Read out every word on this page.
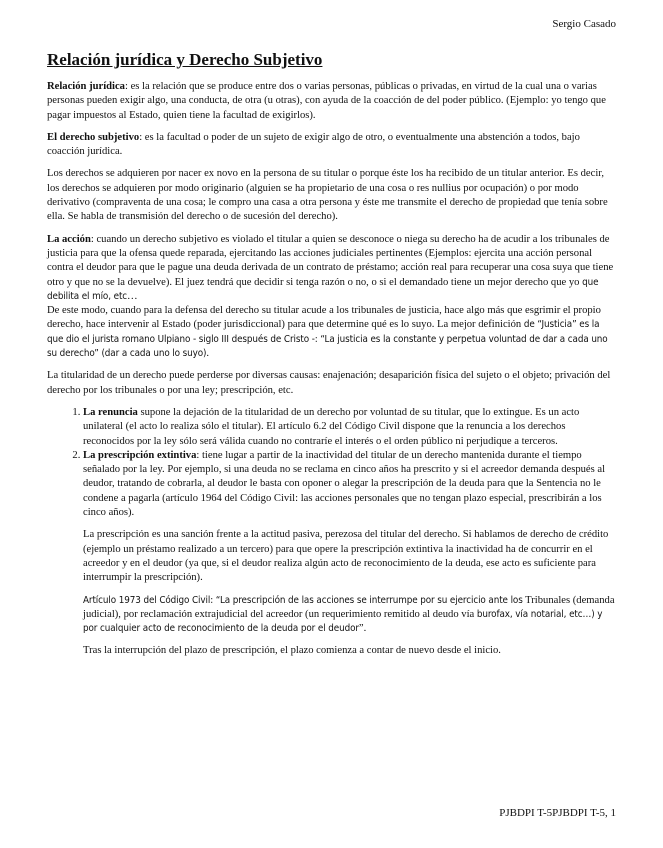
Sergio Casado
Relación jurídica y Derecho Subjetivo

Relación jurídica: es la relación que se produce entre dos o varias personas, públicas o privadas, en virtud de la cual una o varias personas pueden exigir algo, una conducta, de otra (u otras), con ayuda de la coacción de del poder público. (Ejemplo: yo tengo que pagar impuestos al Estado, quien tiene la facultad de exigirlos).

El derecho subjetivo: es la facultad o poder de un sujeto de exigir algo de otro, o eventualmente una abstención a todos, bajo coacción jurídica.

Los derechos se adquieren por nacer ex novo en la persona de su titular o porque éste los ha recibido de un titular anterior. Es decir, los derechos se adquieren por modo originario (alguien se ha propietario de una cosa o res nullius por ocupación) o por modo derivativo (compraventa de una cosa; le compro una casa a otra persona y éste me transmite el derecho de propiedad que tenía sobre ella. Se habla de transmisión del derecho o de sucesión del derecho).

La acción: cuando un derecho subjetivo es violado el titular a quien se desconoce o niega su derecho ha de acudir a los tribunales de justicia para que la ofensa quede reparada, ejercitando las acciones judiciales pertinentes (Ejemplos: ejercita una acción personal contra el deudor para que le pague una deuda derivada de un contrato de préstamo; acción real para recuperar una cosa suya que tiene otro y que no se la devuelve). El juez tendrá que decidir si tenga razón o no, o si el demandado tiene un mejor derecho que yo que debilita el mío, etc…
De este modo, cuando para la defensa del derecho su titular acude a los tribunales de justicia, hace algo más que esgrimir el propio derecho, hace intervenir al Estado (poder jurisdiccional) para que determine qué es lo suyo. La mejor definición de “Justicia” es la que dio el jurista romano Ulpiano - siglo III después de Cristo -: “La justicia es la constante y perpetua voluntad de dar a cada uno su derecho” (dar a cada uno lo suyo).

La titularidad de un derecho puede perderse por diversas causas: enajenación; desaparición física del sujeto o el objeto; privación del derecho por los tribunales o por una ley; prescripción, etc.

1. La renuncia supone la dejación de la titularidad de un derecho por voluntad de su titular, que lo extingue. Es un acto unilateral (el acto lo realiza sólo el titular). El artículo 6.2 del Código Civil dispone que la renuncia a los derechos reconocidos por la ley sólo será válida cuando no contraríe el interés o el orden público ni perjudique a terceros.

2. La prescripción extintiva: tiene lugar a partir de la inactividad del titular de un derecho mantenida durante el tiempo señalado por la ley. Por ejemplo, si una deuda no se reclama en cinco años ha prescrito y si el acreedor demanda después al deudor, tratando de cobrarla, al deudor le basta con oponer o alegar la prescripción de la deuda para que la Sentencia no le condene a pagarla (artículo 1964 del Código Civil: las acciones personales que no tengan plazo especial, prescribirán a los cinco años).

La prescripción es una sanción frente a la actitud pasiva, perezosa del titular del derecho. Si hablamos de derecho de crédito (ejemplo un préstamo realizado a un tercero) para que opere la prescripción extintiva la inactividad ha de concurrir en el acreedor y en el deudor (ya que, si el deudor realiza algún acto de reconocimiento de la deuda, ese acto es suficiente para interrumpir la prescripción).

Artículo 1973 del Código Civil: “La prescripción de las acciones se interrumpe por su ejercicio ante los Tribunales (demanda judicial), por reclamación extrajudicial del acreedor (un requerimiento remitido al deudo vía burofax, vía notarial, etc…) y por cualquier acto de reconocimiento de la deuda por el deudor”.

Tras la interrupción del plazo de prescripción, el plazo comienza a contar de nuevo desde el inicio.

PJBDPI T-5PJBDPI T-5, 1
